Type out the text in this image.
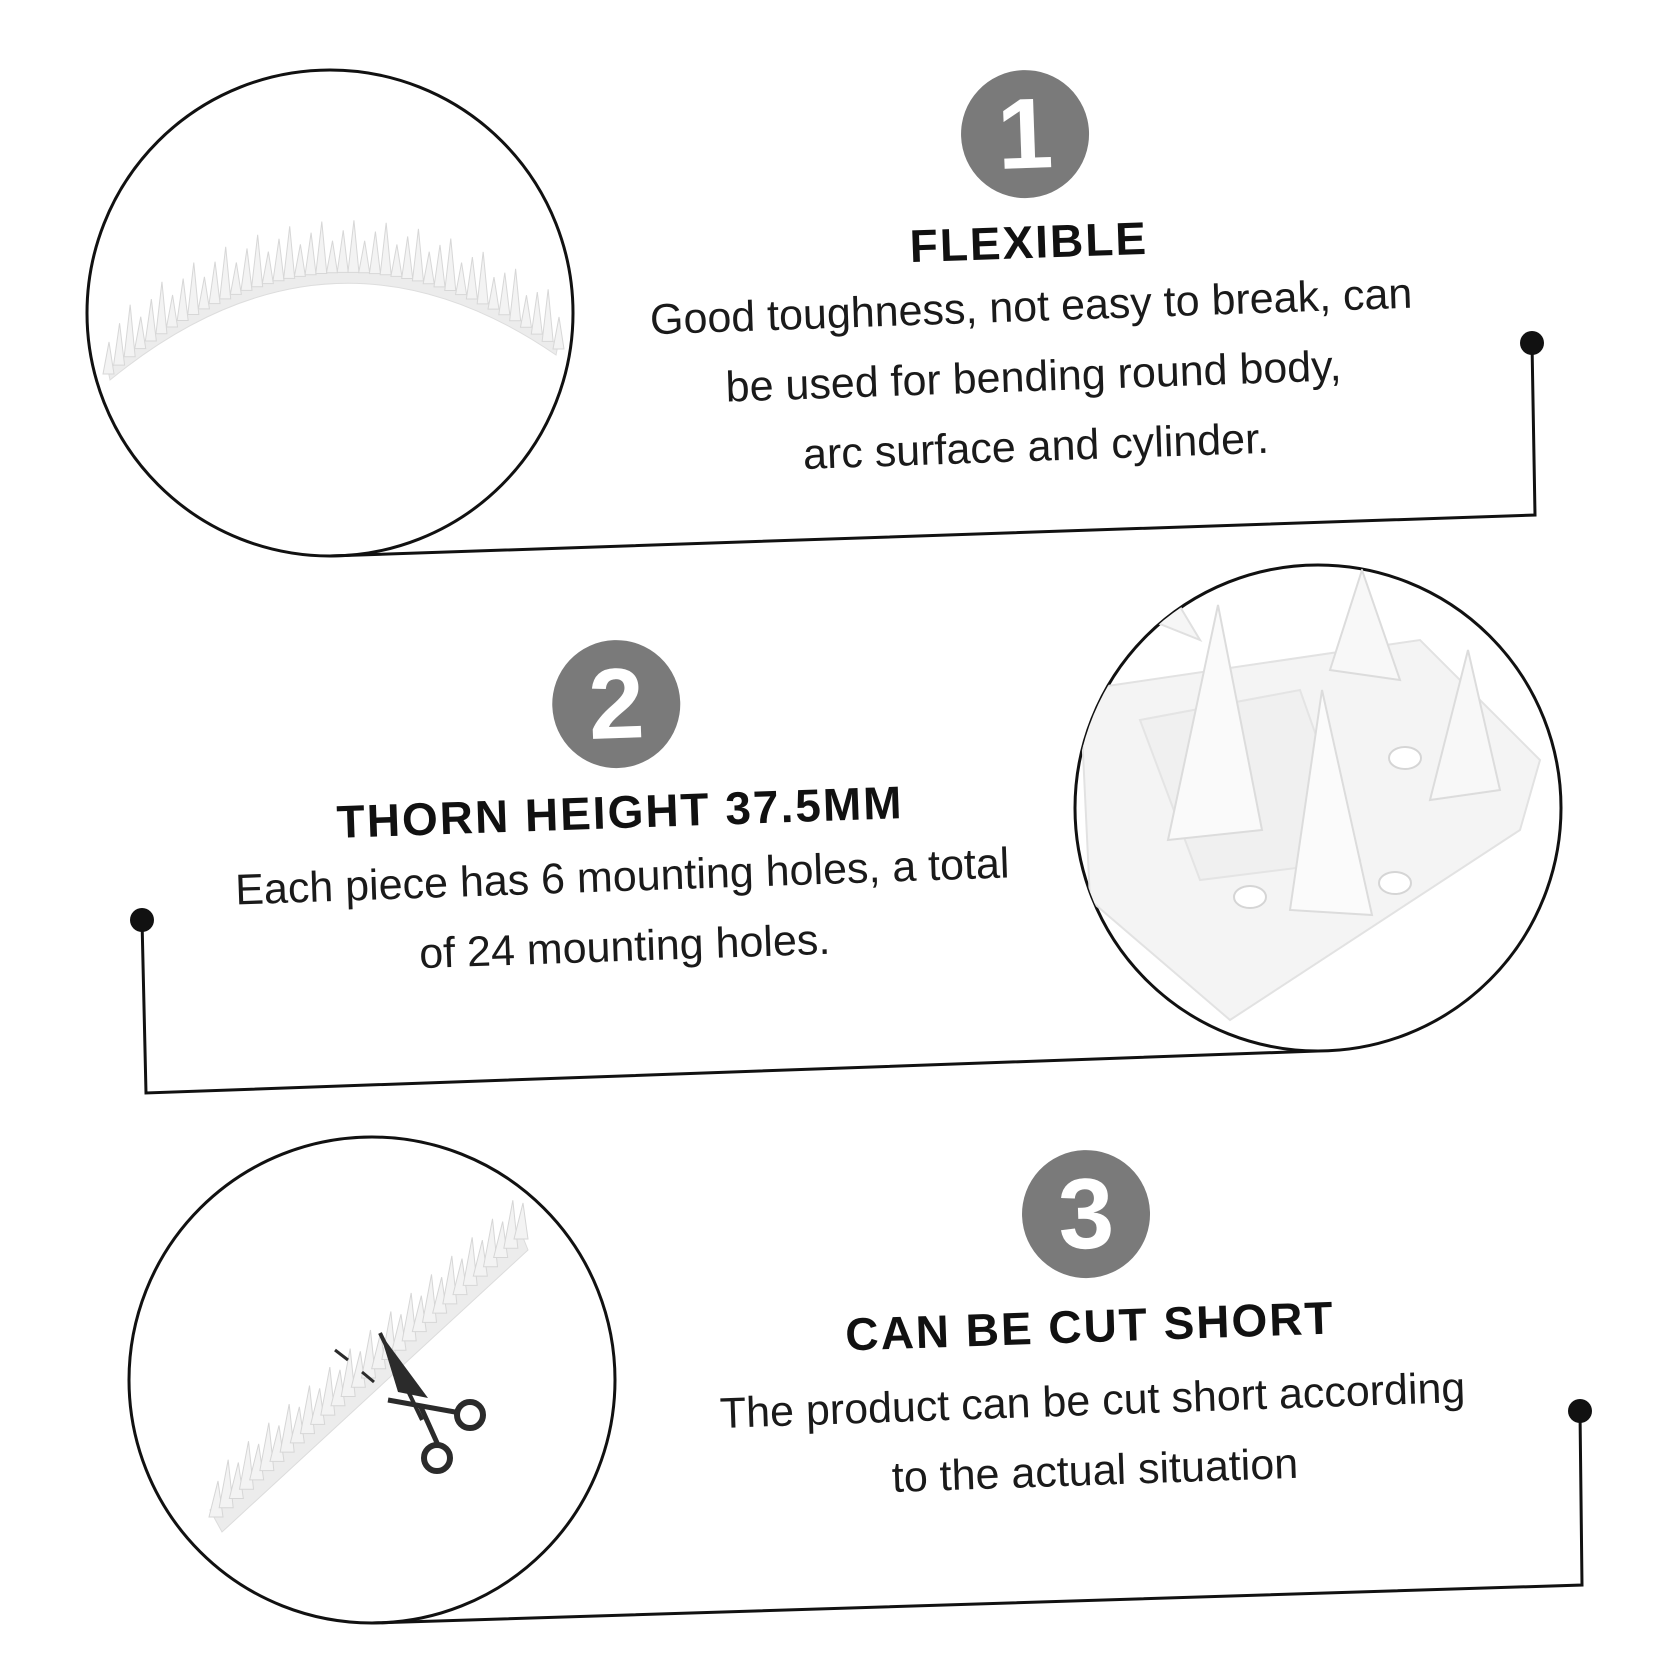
1
FLEXIBLE
Good toughness, not easy to break, can
be used for bending round body,
arc surface and cylinder.
2
THORN HEIGHT 37.5MM
Each piece has 6 mounting holes, a total
of 24 mounting holes.
3
CAN BE CUT SHORT
The product can be cut short according
to the actual situation
